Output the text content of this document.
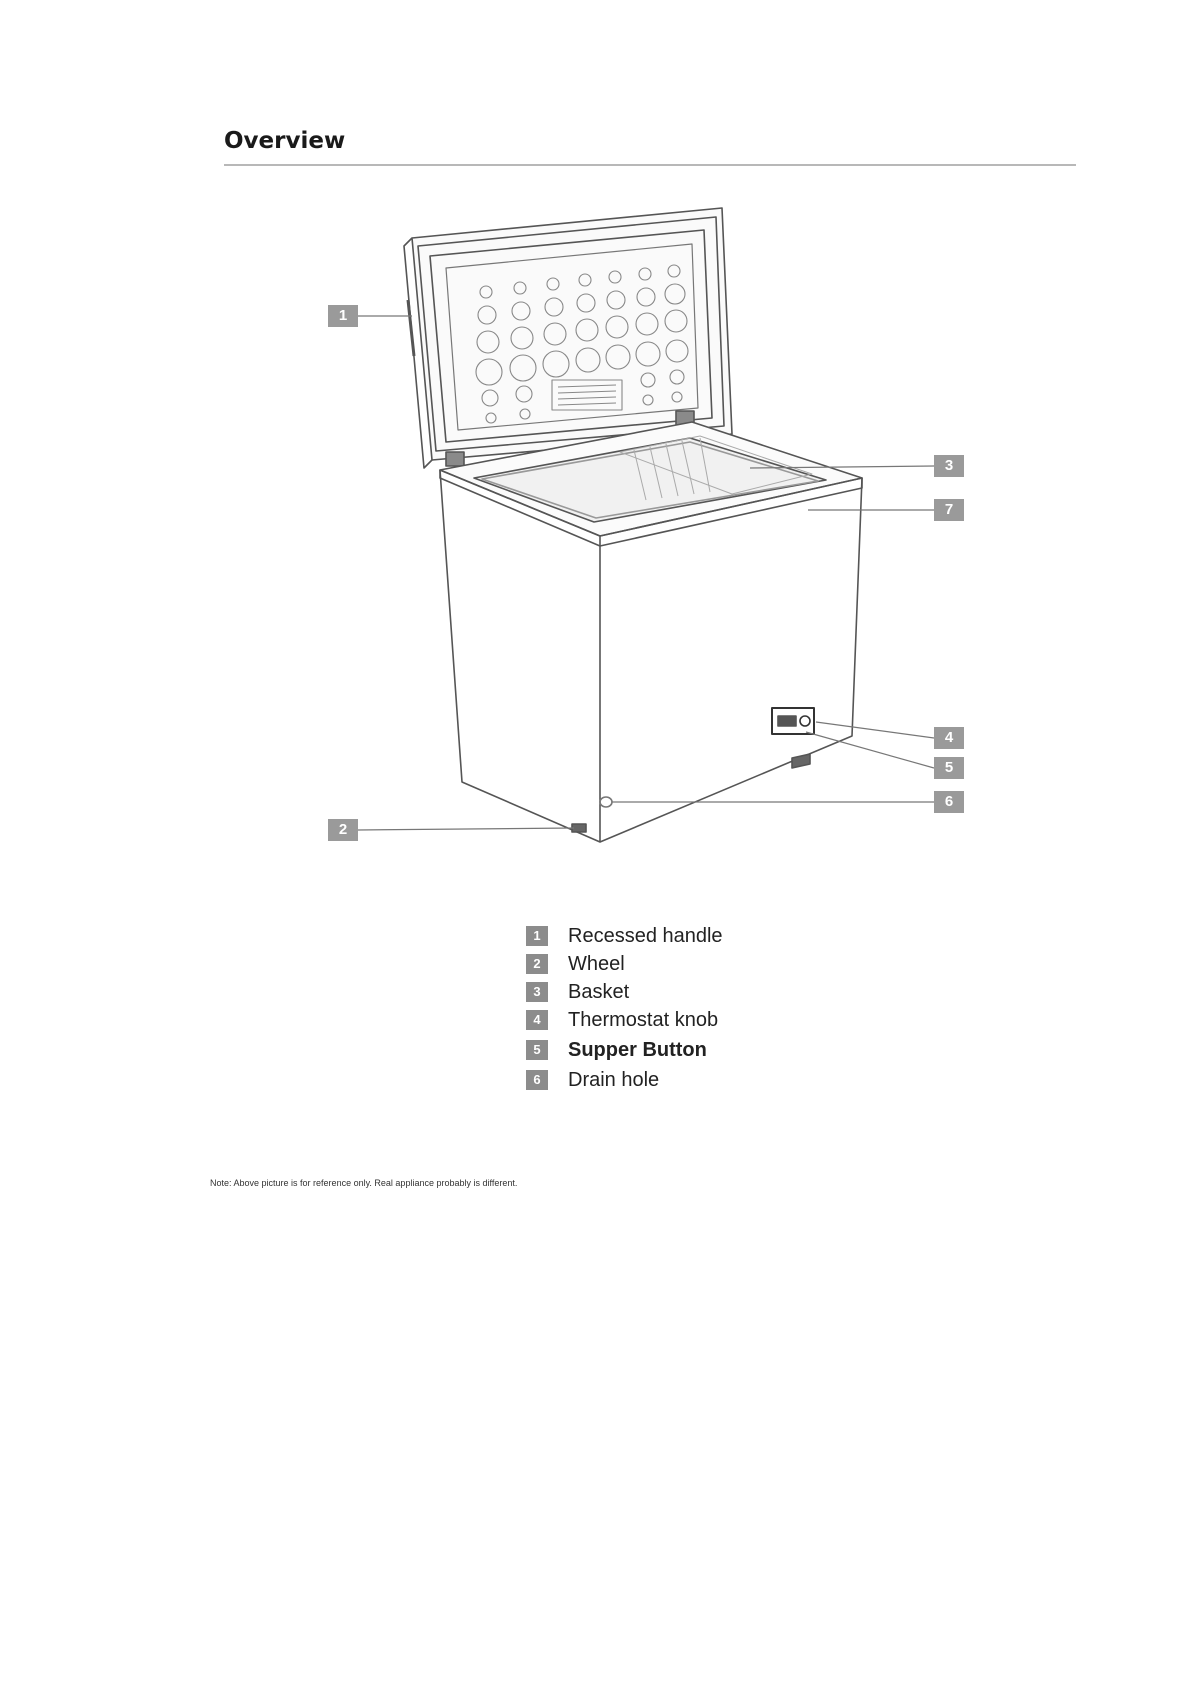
Overview
1
2
3
7
4
5
6
1	Recessed handle
2	Wheel
3	Basket
4	Thermostat knob
5	Supper Button
6	Drain hole
Note: Above picture is for reference only. Real appliance probably is different.
